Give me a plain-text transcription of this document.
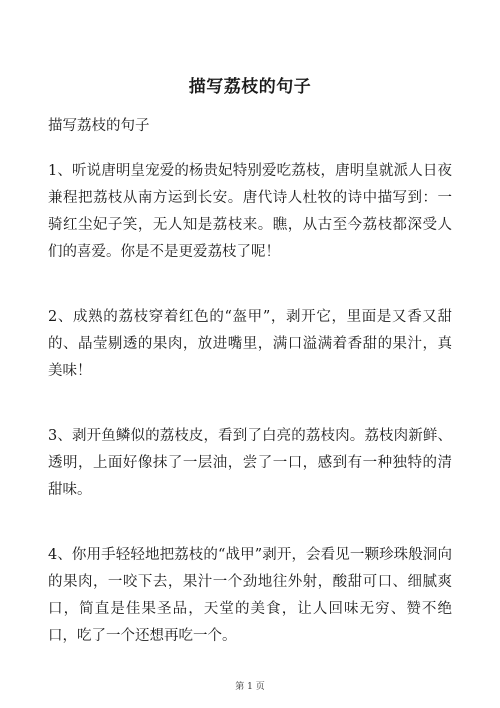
描写荔枝的句子
描写荔枝的句子

1、听说唐明皇宠爱的杨贵妃特别爱吃荔枝，唐明皇就派人日夜兼程把荔枝从南方运到长安。唐代诗人杜牧的诗中描写到：一骑红尘妃子笑，无人知是荔枝来。瞧，从古至今荔枝都深受人们的喜爱。你是不是更爱荔枝了呢！

2、成熟的荔枝穿着红色的“盔甲”，剥开它，里面是又香又甜的、晶莹剔透的果肉，放进嘴里，满口溢满着香甜的果汁，真美味！

3、剥开鱼鳞似的荔枝皮，看到了白亮的荔枝肉。荔枝肉新鲜、透明，上面好像抹了一层油，尝了一口，感到有一种独特的清甜味。

4、你用手轻轻地把荔枝的“战甲”剥开，会看见一颗珍珠般洞向的果肉，一咬下去，果汁一个劲地往外射，酸甜可口、细腻爽口，简直是佳果圣品，天堂的美食，让人回味无穷、赞不绝口，吃了一个还想再吃一个。

第 1 页
